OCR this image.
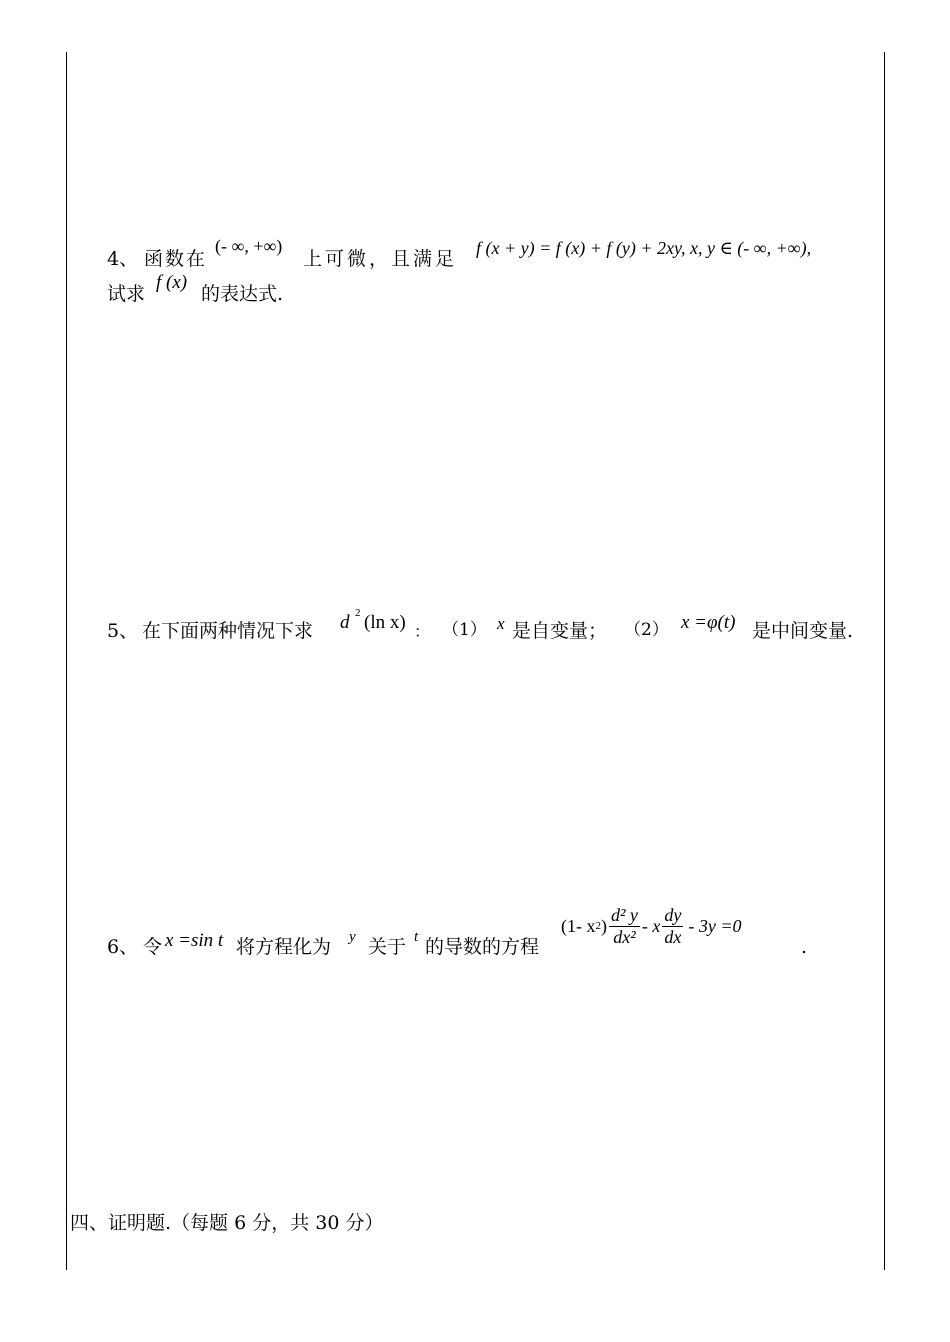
4、 函数在
(- ∞, +∞)
上可微，且满足 f (x + y) = f (x) + f (y) + 2xy, x, y ∈ (- ∞, +∞),
试求
f (x)
的表达式.
5、 在下面两种情况下求 d 2 (ln x) ： （1） x 是自变量； （2） x =φ(t) 是中间变量.
6、 令 x =sin t 将方程化为 y 关于 t 的导数的方程
(1- x 2 ) $\frac{\text{d² y}}{\text{dx²}} - x \frac{dy}{dx} - 3y =0$
.
四、证明题.（每题 6 分，共 30 分）
